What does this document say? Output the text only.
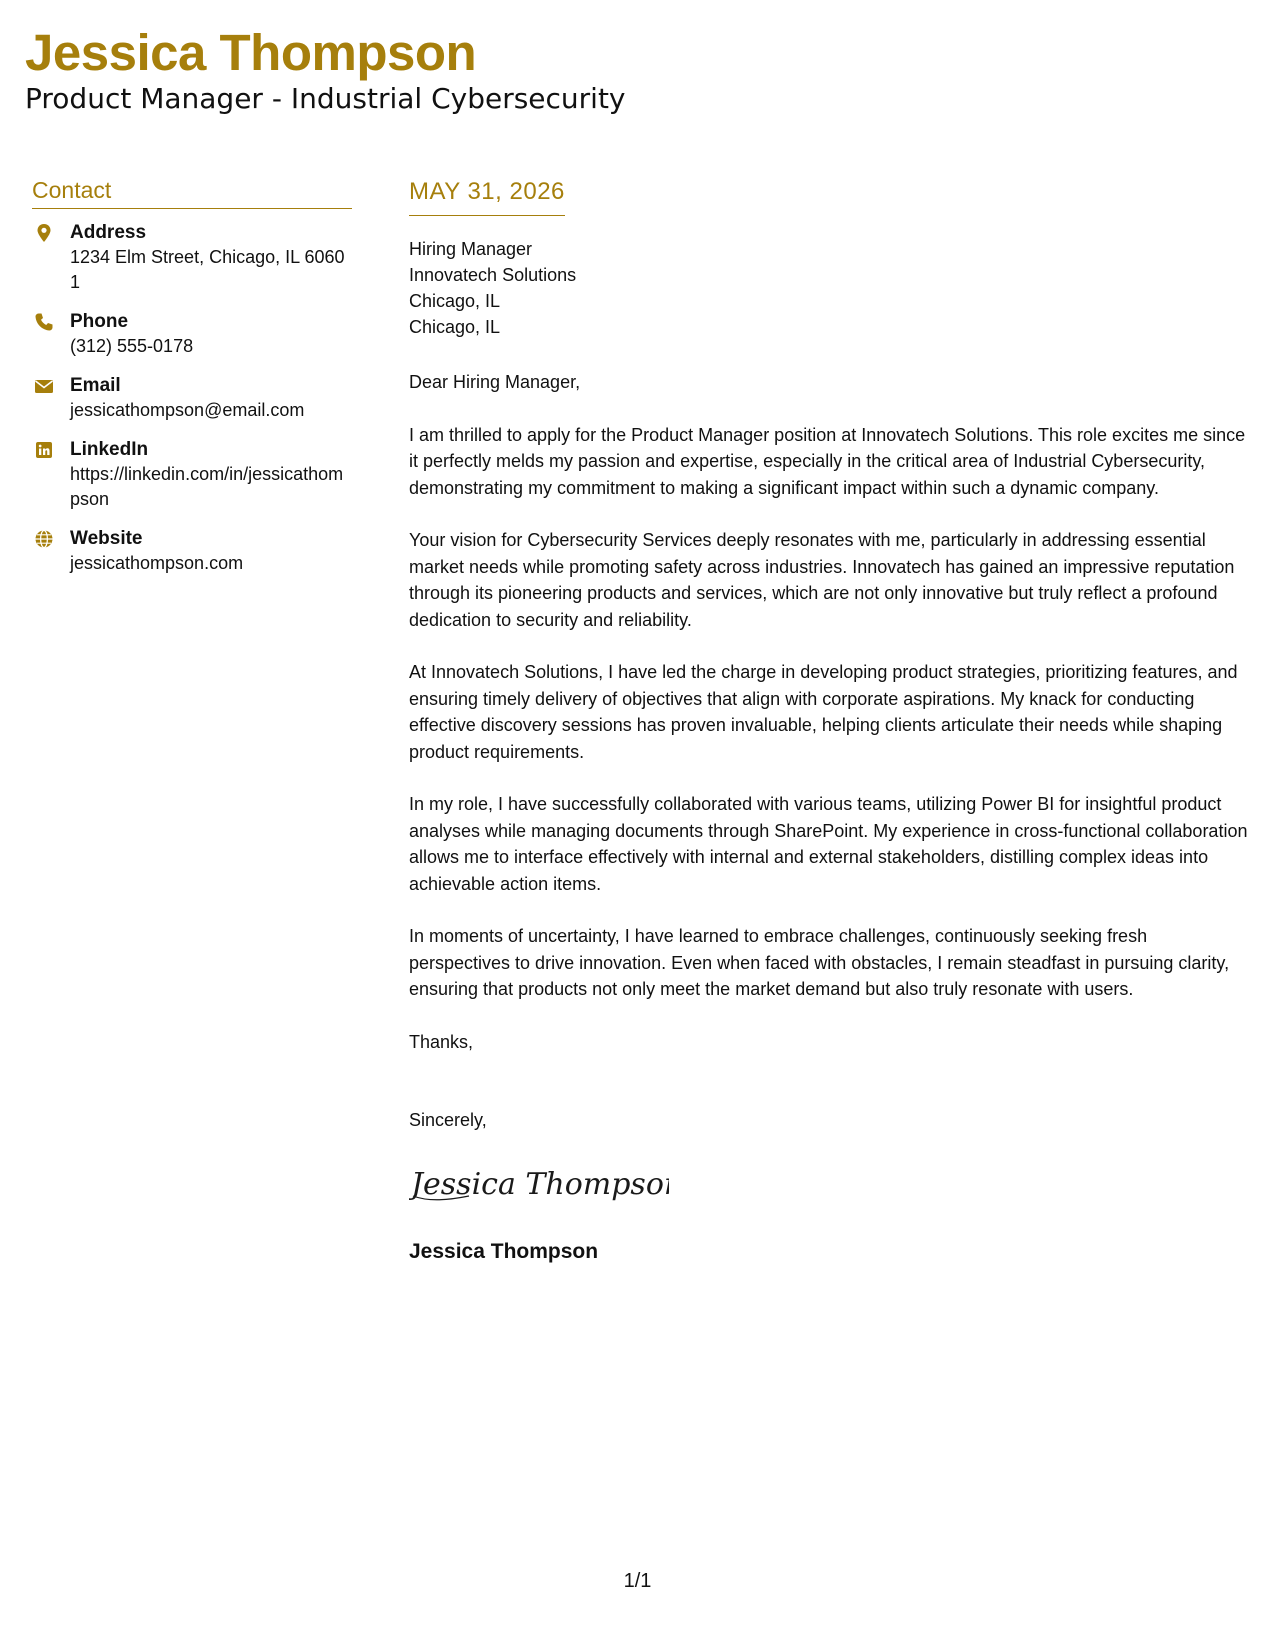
Jessica Thompson
Product Manager - Industrial Cybersecurity
Contact
Address
1234 Elm Street, Chicago, IL 60601
Phone
(312) 555-0178
Email
jessicathompson@email.com
LinkedIn
https://linkedin.com/in/jessicathompson
Website
jessicathompson.com
MAY 31, 2026
Hiring Manager
Innovatech Solutions
Chicago, IL
Chicago, IL
Dear Hiring Manager,
I am thrilled to apply for the Product Manager position at Innovatech Solutions. This role excites me since it perfectly melds my passion and expertise, especially in the critical area of Industrial Cybersecurity, demonstrating my commitment to making a significant impact within such a dynamic company.
Your vision for Cybersecurity Services deeply resonates with me, particularly in addressing essential market needs while promoting safety across industries. Innovatech has gained an impressive reputation through its pioneering products and services, which are not only innovative but truly reflect a profound dedication to security and reliability.
At Innovatech Solutions, I have led the charge in developing product strategies, prioritizing features, and ensuring timely delivery of objectives that align with corporate aspirations. My knack for conducting effective discovery sessions has proven invaluable, helping clients articulate their needs while shaping product requirements.
In my role, I have successfully collaborated with various teams, utilizing Power BI for insightful product analyses while managing documents through SharePoint. My experience in cross-functional collaboration allows me to interface effectively with internal and external stakeholders, distilling complex ideas into achievable action items.
In moments of uncertainty, I have learned to embrace challenges, continuously seeking fresh perspectives to drive innovation. Even when faced with obstacles, I remain steadfast in pursuing clarity, ensuring that products not only meet the market demand but also truly resonate with users.
Thanks,
Sincerely,
Jessica Thompson
Jessica Thompson
1/1
